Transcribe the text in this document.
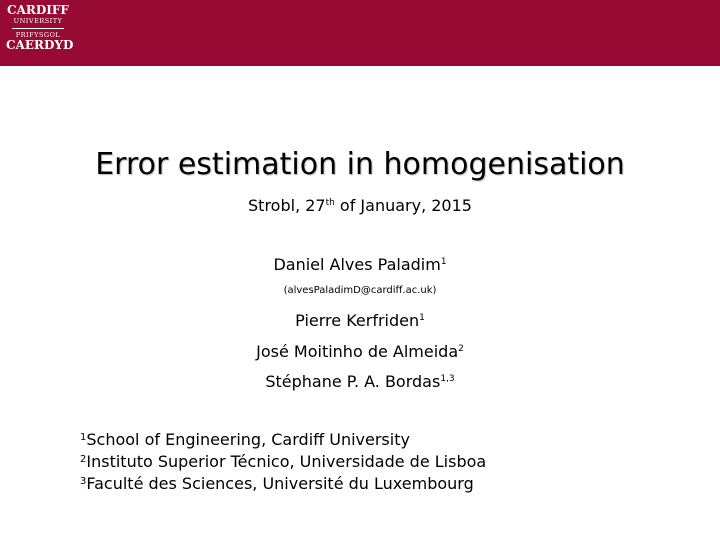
CARDIFF
UNIVERSITY
PRIFYSGOL
CAERDYD
Error estimation in homogenisation
Strobl, 27th of January, 2015
Daniel Alves Paladim$^1$
(alvesPaladimD@cardiff.ac.uk)
Pierre Kerfriden$^1$
José Moitinho de Almeida$^2$
Stéphane P. A. Bordas$^{1,3}$
$^1$School of Engineering, Cardiff University
$^2$Instituto Superior Técnico, Universidade de Lisboa
$^3$Faculté des Sciences, Université du Luxembourg
